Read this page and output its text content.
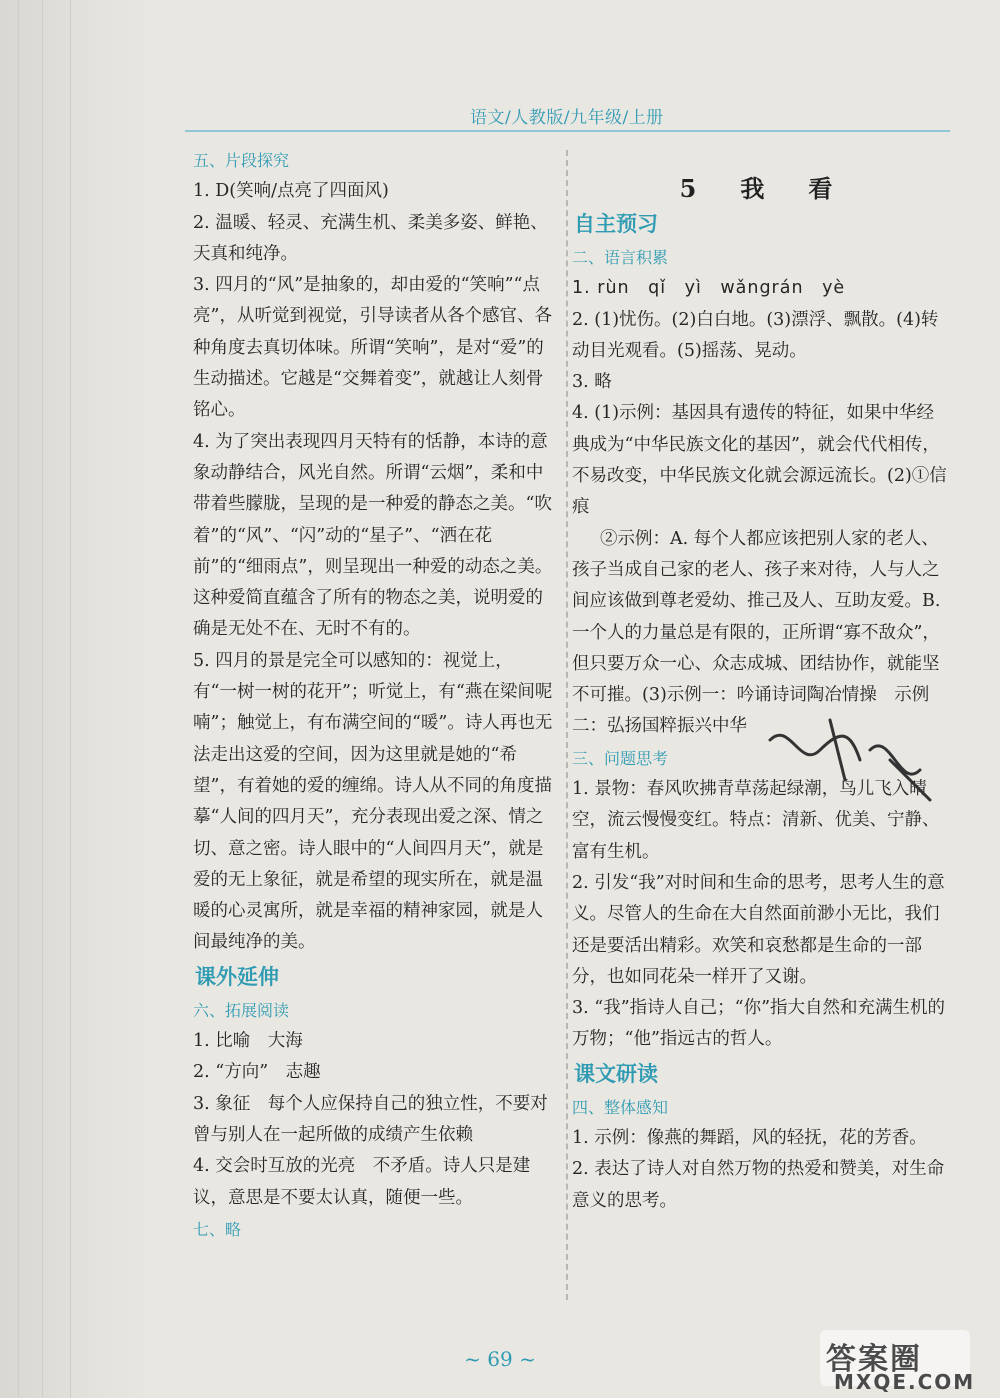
语文/人教版/九年级/上册

五、片段探究

1. D(笑响/点亮了四面风)

2. 温暖、轻灵、充满生机、柔美多姿、鲜艳、天真和纯净。

3. 四月的“风”是抽象的，却由爱的“笑响”“点亮”，从听觉到视觉，引导读者从各个感官、各种角度去真切体味。所谓“笑响”，是对“爱”的生动描述。它越是“交舞着变”，就越让人刻骨铭心。

4. 为了突出表现四月天特有的恬静，本诗的意象动静结合，风光自然。所谓“云烟”，柔和中带着些朦胧，呈现的是一种爱的静态之美。“吹着”的“风”、“闪”动的“星子”、“洒在花前”的“细雨点”，则呈现出一种爱的动态之美。这种爱简直蕴含了所有的物态之美，说明爱的确是无处不在、无时不有的。

5. 四月的景是完全可以感知的：视觉上，有“一树一树的花开”；听觉上，有“燕在梁间呢喃”；触觉上，有布满空间的“暖”。诗人再也无法走出这爱的空间，因为这里就是她的“希望”，有着她的爱的缠绵。诗人从不同的角度描摹“人间的四月天”，充分表现出爱之深、情之切、意之密。诗人眼中的“人间四月天”，就是爱的无上象征，就是希望的现实所在，就是温暖的心灵寓所，就是幸福的精神家园，就是人间最纯净的美。

课外延伸

六、拓展阅读

1. 比喻　大海

2. “方向”　志趣

3. 象征　每个人应保持自己的独立性，不要对曾与别人在一起所做的成绩产生依赖

4. 交会时互放的光亮　不矛盾。诗人只是建议，意思是不要太认真，随便一些。

七、略

5　我　看

自主预习

二、语言积累

1. rùn　qǐ　yì　wǎngrán　yè

2. (1)忧伤。(2)白白地。(3)漂浮、飘散。(4)转动目光观看。(5)摇荡、晃动。

3. 略

4. (1)示例：基因具有遗传的特征，如果中华经典成为“中华民族文化的基因”，就会代代相传，不易改变，中华民族文化就会源远流长。(2)①信　痕

②示例：A. 每个人都应该把别人家的老人、孩子当成自己家的老人、孩子来对待，人与人之间应该做到尊老爱幼、推己及人、互助友爱。B. 一个人的力量总是有限的，正所谓“寡不敌众”，但只要万众一心、众志成城、团结协作，就能坚不可摧。(3)示例一：吟诵诗词陶冶情操　示例二：弘扬国粹振兴中华

三、问题思考

1. 景物：春风吹拂青草荡起绿潮，鸟儿飞入晴空，流云慢慢变红。特点：清新、优美、宁静、富有生机。

2. 引发“我”对时间和生命的思考，思考人生的意义。尽管人的生命在大自然面前渺小无比，我们还是要活出精彩。欢笑和哀愁都是生命的一部分，也如同花朵一样开了又谢。

3. “我”指诗人自己；“你”指大自然和充满生机的万物；“他”指远古的哲人。

课文研读

四、整体感知

1. 示例：像燕的舞蹈，风的轻抚，花的芳香。

2. 表达了诗人对自然万物的热爱和赞美，对生命意义的思考。

~ 69 ~	答案圈
MXQE.COM
